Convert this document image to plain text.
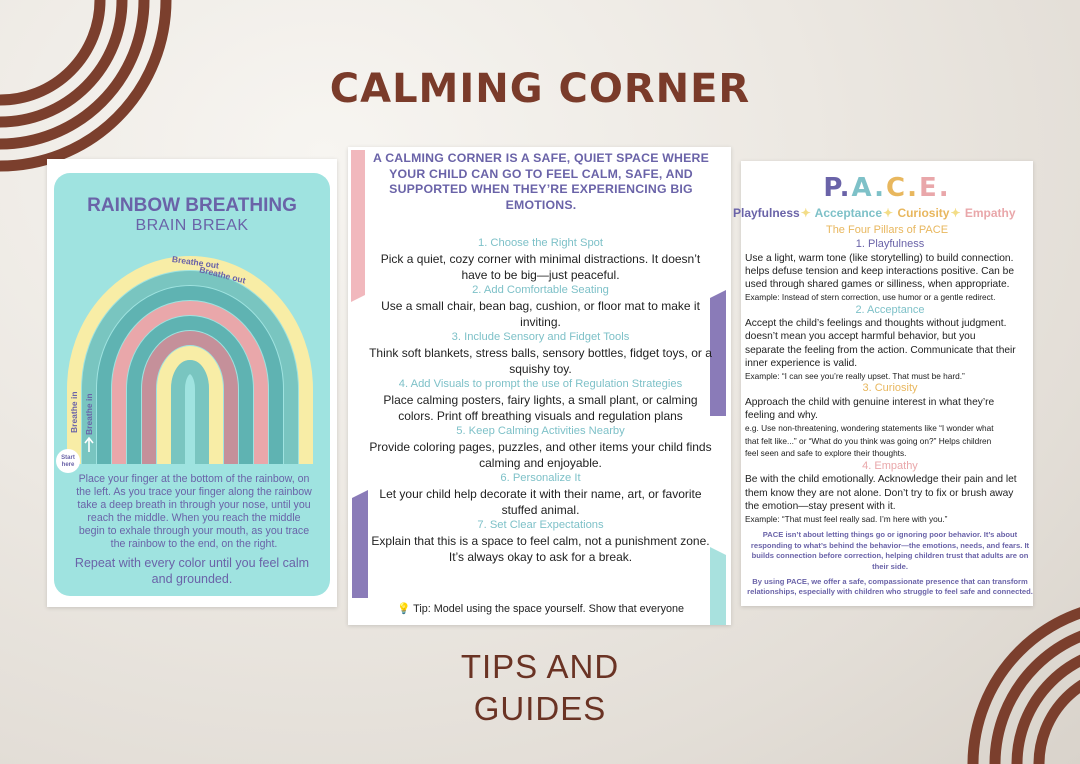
CALMING CORNER
RAINBOW BREATHING
BRAIN BREAK
Breathe out
Breathe out
Breathe in Breathe in
Start
here
Place your finger at the bottom of the rainbow, on the left. As you trace your finger along the rainbow take a deep breath in through your nose, until you reach the middle. When you reach the middle begin to exhale through your mouth, as you trace the rainbow to the end, on the right.
Repeat with every color until you feel calm and grounded.
A CALMING CORNER IS A SAFE, QUIET SPACE WHERE YOUR CHILD CAN GO TO FEEL CALM, SAFE, AND SUPPORTED WHEN THEY’RE EXPERIENCING BIG EMOTIONS.
1. Choose the Right Spot
Pick a quiet, cozy corner with minimal distractions. It doesn’t have to be big—just peaceful.
2. Add Comfortable Seating
Use a small chair, bean bag, cushion, or floor mat to make it inviting.
3. Include Sensory and Fidget Tools
Think soft blankets, stress balls, sensory bottles, fidget toys, or a squishy toy.
4. Add Visuals to prompt the use of Regulation Strategies
Place calming posters, fairy lights, a small plant, or calming colors. Print off breathing visuals and regulation plans
5. Keep Calming Activities Nearby
Provide coloring pages, puzzles, and other items your child finds calming and enjoyable.
6. Personalize It
Let your child help decorate it with their name, art, or favorite stuffed animal.
7. Set Clear Expectations
Explain that this is a space to feel calm, not a punishment zone. It’s always okay to ask for a break.
💡 Tip: Model using the space yourself. Show that everyone
P.A.C.E.
Playfulness✦ Acceptance✦ Curiosity✦ Empathy
The Four Pillars of PACE
1. Playfulness
Use a light, warm tone (like storytelling) to build connection.
helps defuse tension and keep interactions positive. Can be
used through shared games or silliness, when appropriate.
Example: Instead of stern correction, use humor or a gentle redirect.
2. Acceptance
Accept the child’s feelings and thoughts without judgment.
doesn’t mean you accept harmful behavior, but you
separate the feeling from the action. Communicate that their
inner experience is valid.
Example: “I can see you’re really upset. That must be hard.”
3. Curiosity
Approach the child with genuine interest in what they’re
feeling and why.
e.g. Use non-threatening, wondering statements like “I wonder what
that felt like...” or “What do you think was going on?” Helps children
feel seen and safe to explore their thoughts.
4. Empathy
Be with the child emotionally. Acknowledge their pain and let
them know they are not alone. Don’t try to fix or brush away
the emotion—stay present with it.
Example: “That must feel really sad. I’m here with you.”
PACE isn’t about letting things go or ignoring poor behavior. It’s about responding to what’s behind the behavior—the emotions, needs, and fears. It builds connection before correction, helping children trust that adults are on their side.
By using PACE, we offer a safe, compassionate presence that can transform relationships, especially with children who struggle to feel safe and connected.
TIPS AND
GUIDES
